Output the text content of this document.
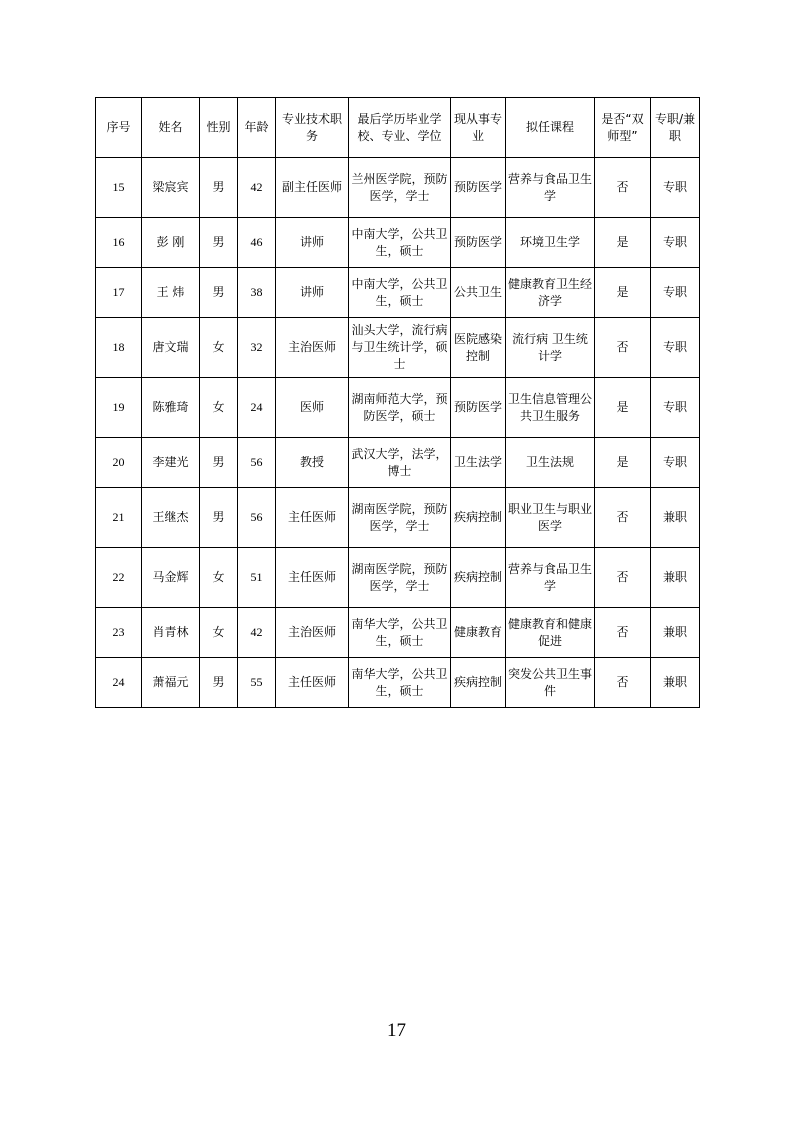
序号	姓名	性别	年龄	专业技术职务	最后学历毕业学校、专业、学位	现从事专业	拟任课程	是否“双师型”	专职/兼职
15	梁宸宾	男	42	副主任医师	兰州医学院，预防医学，学士	预防医学	营养与食品卫生学	否	专职
16	彭 刚	男	46	讲师	中南大学，公共卫生，硕士	预防医学	环境卫生学	是	专职
17	王 炜	男	38	讲师	中南大学，公共卫生，硕士	公共卫生	健康教育卫生经济学	是	专职
18	唐文瑞	女	32	主治医师	汕头大学，流行病与卫生统计学，硕士	医院感染控制	流行病 卫生统计学	否	专职
19	陈雅琦	女	24	医师	湖南师范大学，预防医学，硕士	预防医学	卫生信息管理公共卫生服务	是	专职
20	李建光	男	56	教授	武汉大学，法学，博士	卫生法学	卫生法规	是	专职
21	王继杰	男	56	主任医师	湖南医学院，预防医学，学士	疾病控制	职业卫生与职业医学	否	兼职
22	马金辉	女	51	主任医师	湖南医学院，预防医学，学士	疾病控制	营养与食品卫生学	否	兼职
23	肖青林	女	42	主治医师	南华大学，公共卫生，硕士	健康教育	健康教育和健康促进	否	兼职
24	萧福元	男	55	主任医师	南华大学，公共卫生，硕士	疾病控制	突发公共卫生事件	否	兼职
17
